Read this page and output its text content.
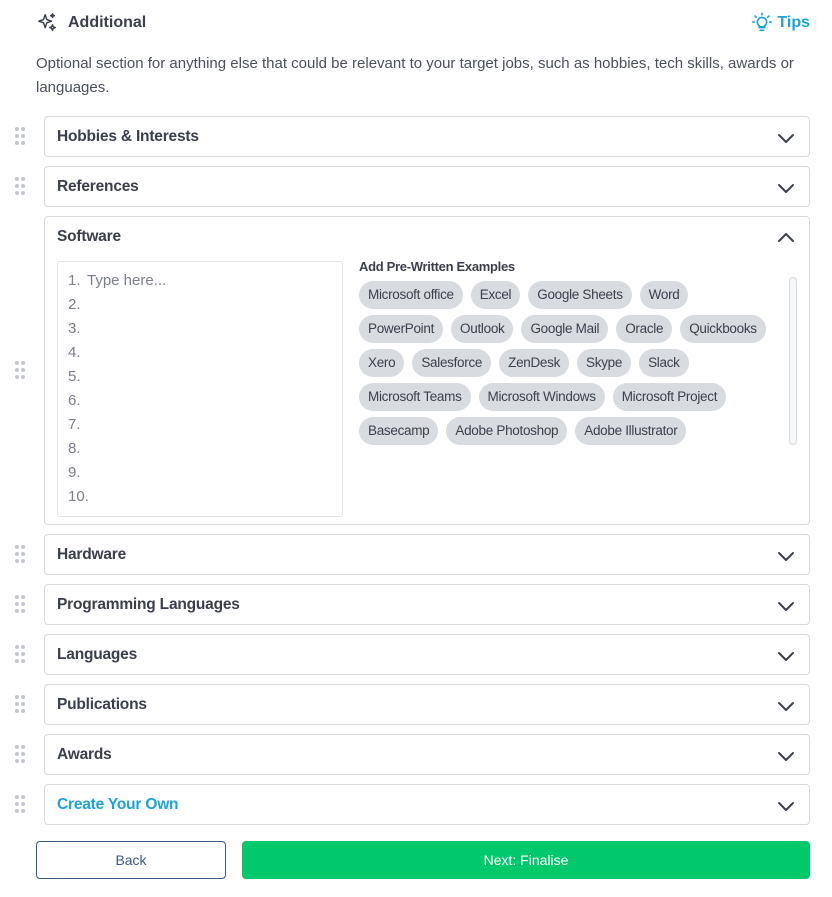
Additional	Tips

Optional section for anything else that could be relevant to your target jobs, such as hobbies, tech skills, awards or languages.

Hobbies & Interests
References
Software
1. Type here...
2.
3.
4.
5.
6.
7.
8.
9.
10.
Add Pre-Written Examples
Microsoft office	Excel	Google Sheets	Word
PowerPoint	Outlook	Google Mail	Oracle	Quickbooks
Xero	Salesforce	ZenDesk	Skype	Slack
Microsoft Teams	Microsoft Windows	Microsoft Project
Basecamp	Adobe Photoshop	Adobe Illustrator
Hardware
Programming Languages
Languages
Publications
Awards
Create Your Own
Back	Next: Finalise
